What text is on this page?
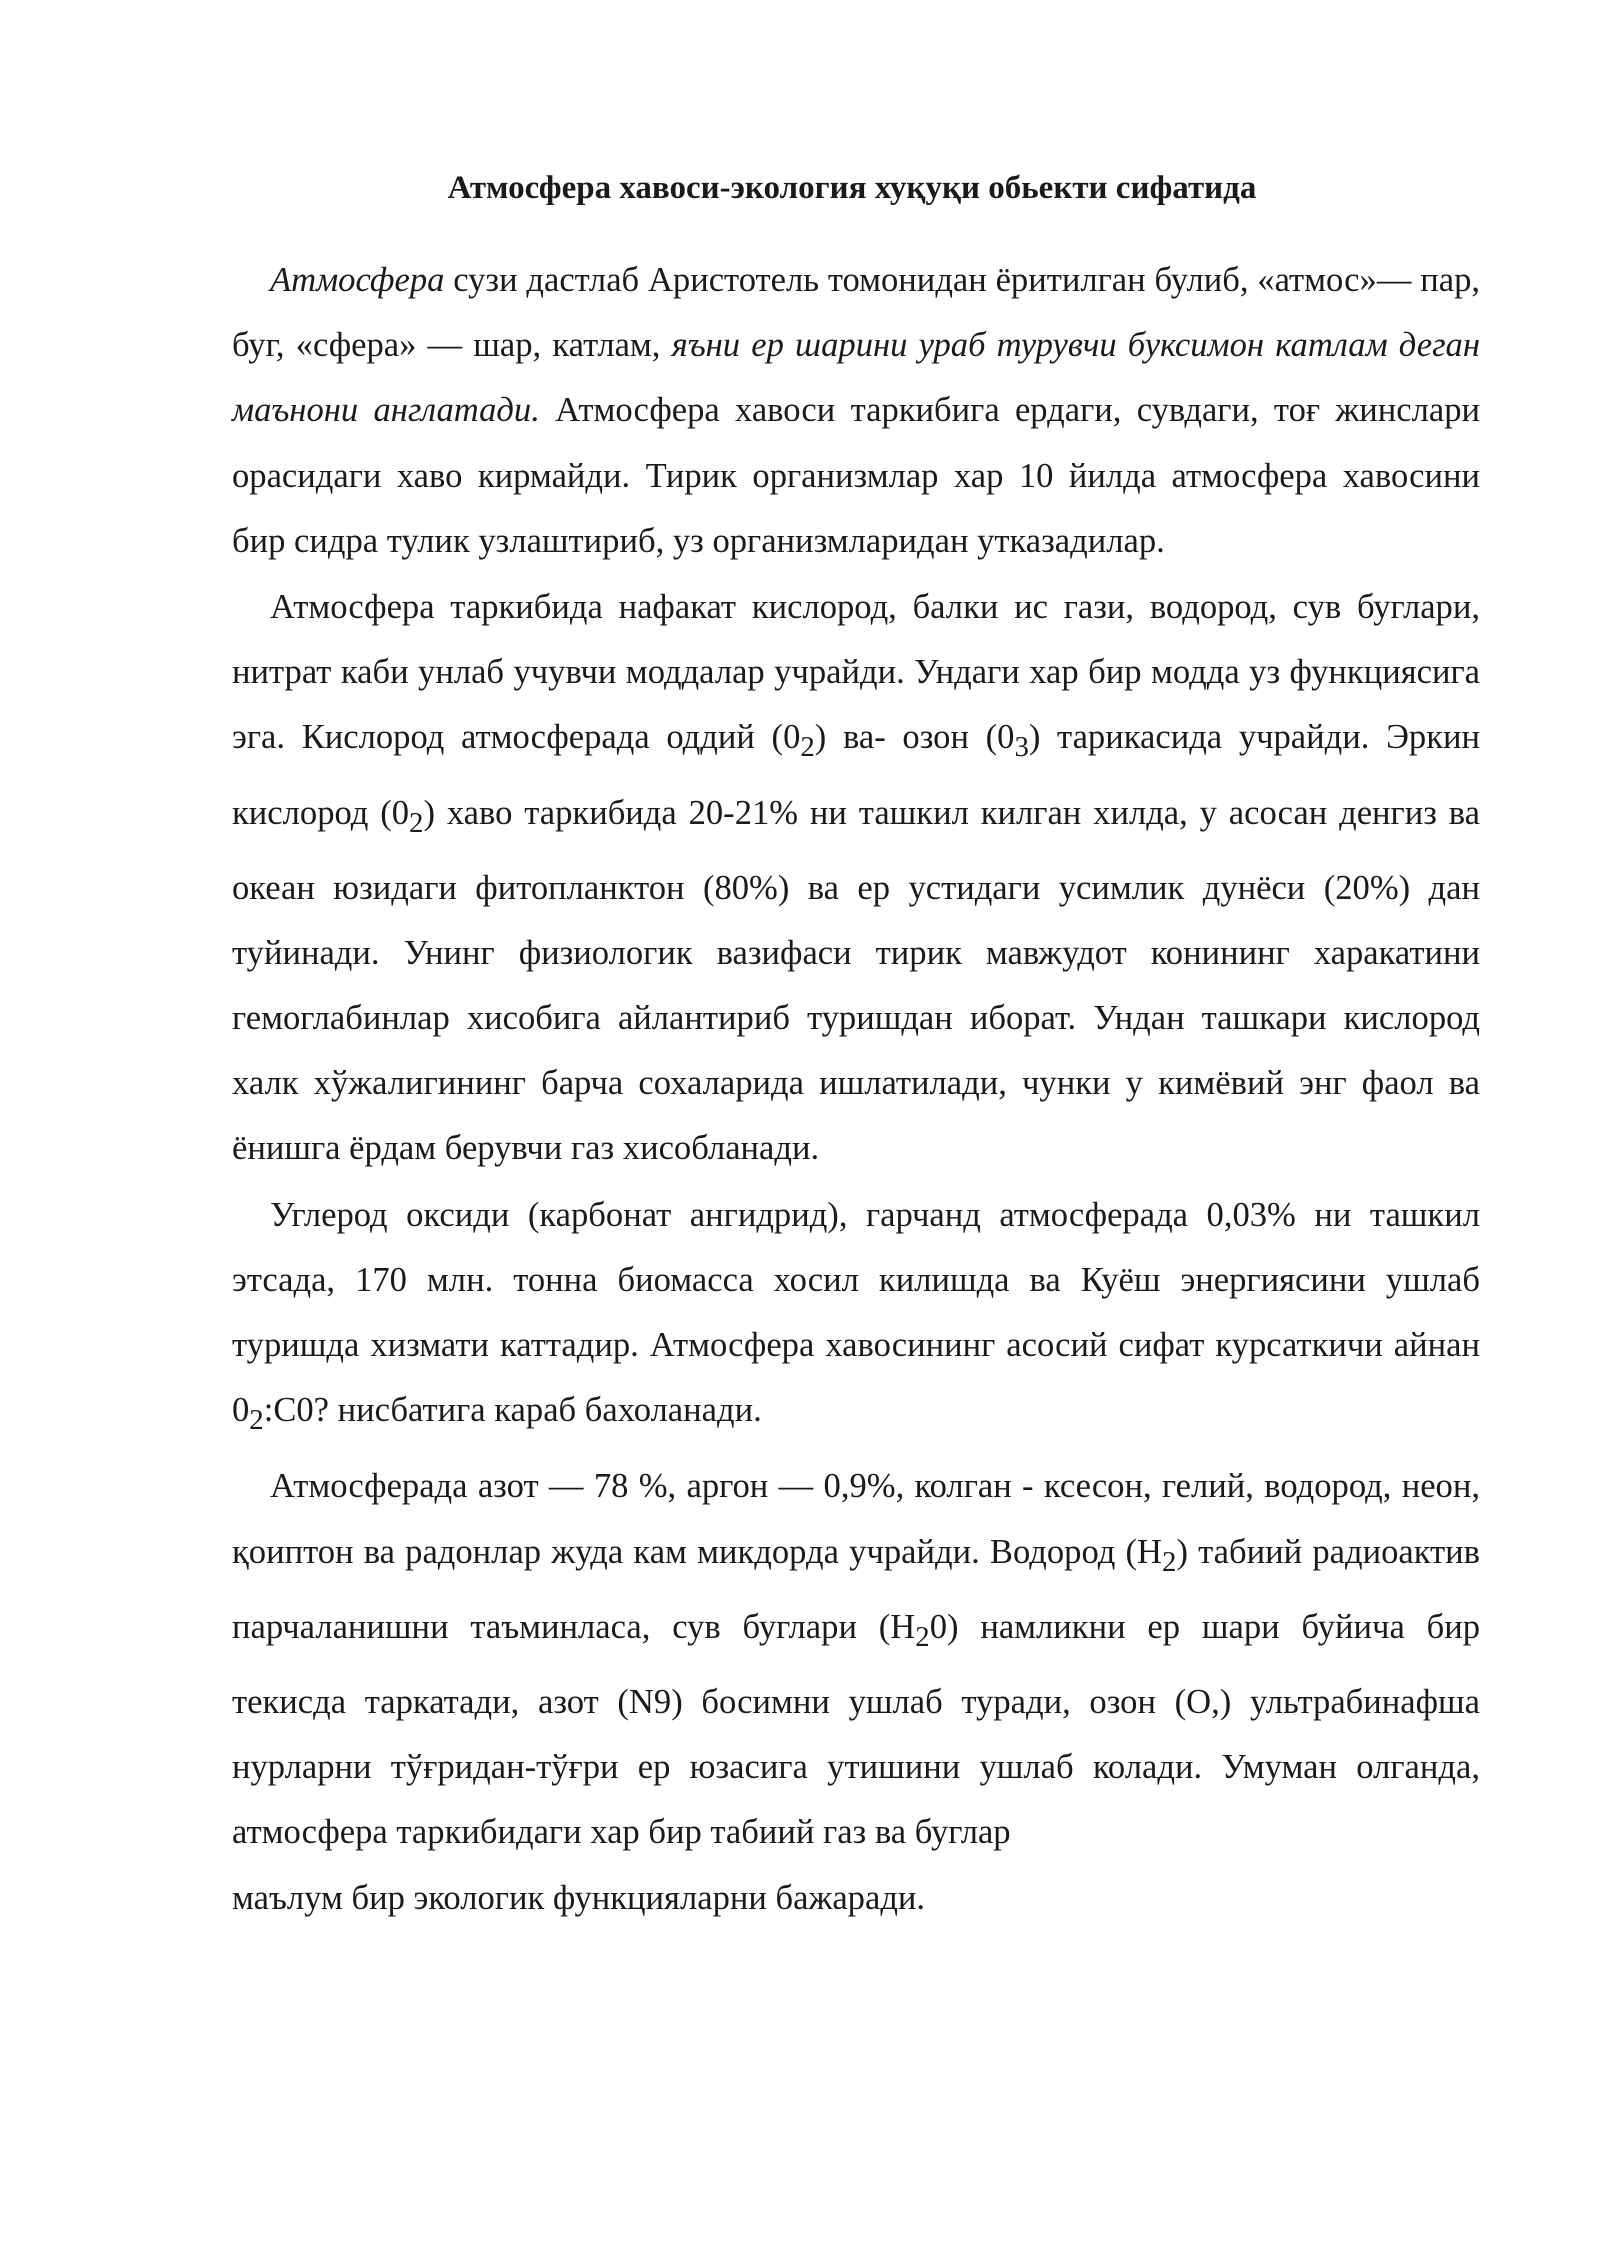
Атмосфера хавоси-экология хуқуқи обьекти сифатида

Атмосфера сузи дастлаб Аристотель томонидан ёритилган булиб, «атмос»— пар, буг, «сфера» — шар, катлам, яъни ер шарини ураб турувчи буксимон катлам деган маънони англатади. Атмосфера хавоси таркибига ердаги, сувдаги, тоғ жинслари орасидаги хаво кирмайди. Тирик организмлар хар 10 йилда атмосфера хавосини бир сидра тулик узлаштириб, уз организмларидан утказадилар.

Атмосфера таркибида нафакат кислород, балки ис гази, водород, сув буглари, нитрат каби унлаб учувчи моддалар учрайди. Ундаги хар бир модда уз функциясига эга. Кислород атмосферада оддий $(0_2)$ ва- озон $(0_3)$ тарикасида учрайди. Эркин кислород $(0_2)$ хаво таркибида 20-21% ни ташкил килган хилда, у асосан денгиз ва океан юзидаги фитопланктон (80%) ва ер устидаги усимлик дунёси (20%) дан туйинади. Унинг физиологик вазифаси тирик мавжудот конининг харакатини гемоглабинлар хисобига айлантириб туришдан иборат. Ундан ташкари кислород халк хўжалигининг барча сохаларида ишлатилади, чунки у кимёвий энг фаол ва ёнишга ёрдам берувчи газ хисобланади.

Углерод оксиди (карбонат ангидрид), гарчанд атмосферада 0,03% ни ташкил этсада, 170 млн. тонна биомасса хосил килишда ва Куёш энергиясини ушлаб туришда хизмати каттадир. Атмосфера хавосининг асосий сифат курсаткичи айнан $0_2:С0$? нисбатига караб бахоланади.

Атмосферада азот — 78 %, аргон — 0,9%, колган - ксесон, гелий, водород, неон, қоиптон ва радонлар жуда кам микдорда учрайди. Водород $(Н_2)$ табиий радиоактив парчаланишни таъминласа, сув буглари $(Н_20)$ намликни ер шари буйича бир текисда таркатади, азот (N9) босимни ушлаб туради, озон (О,) ультрабинафша нурларни тўғридан-тўғри ер юзасига утишини ушлаб колади. Умуман олганда, атмосфера таркибидаги хар бир табиий газ ва буглар

маълум бир экологик функцияларни бажаради.
